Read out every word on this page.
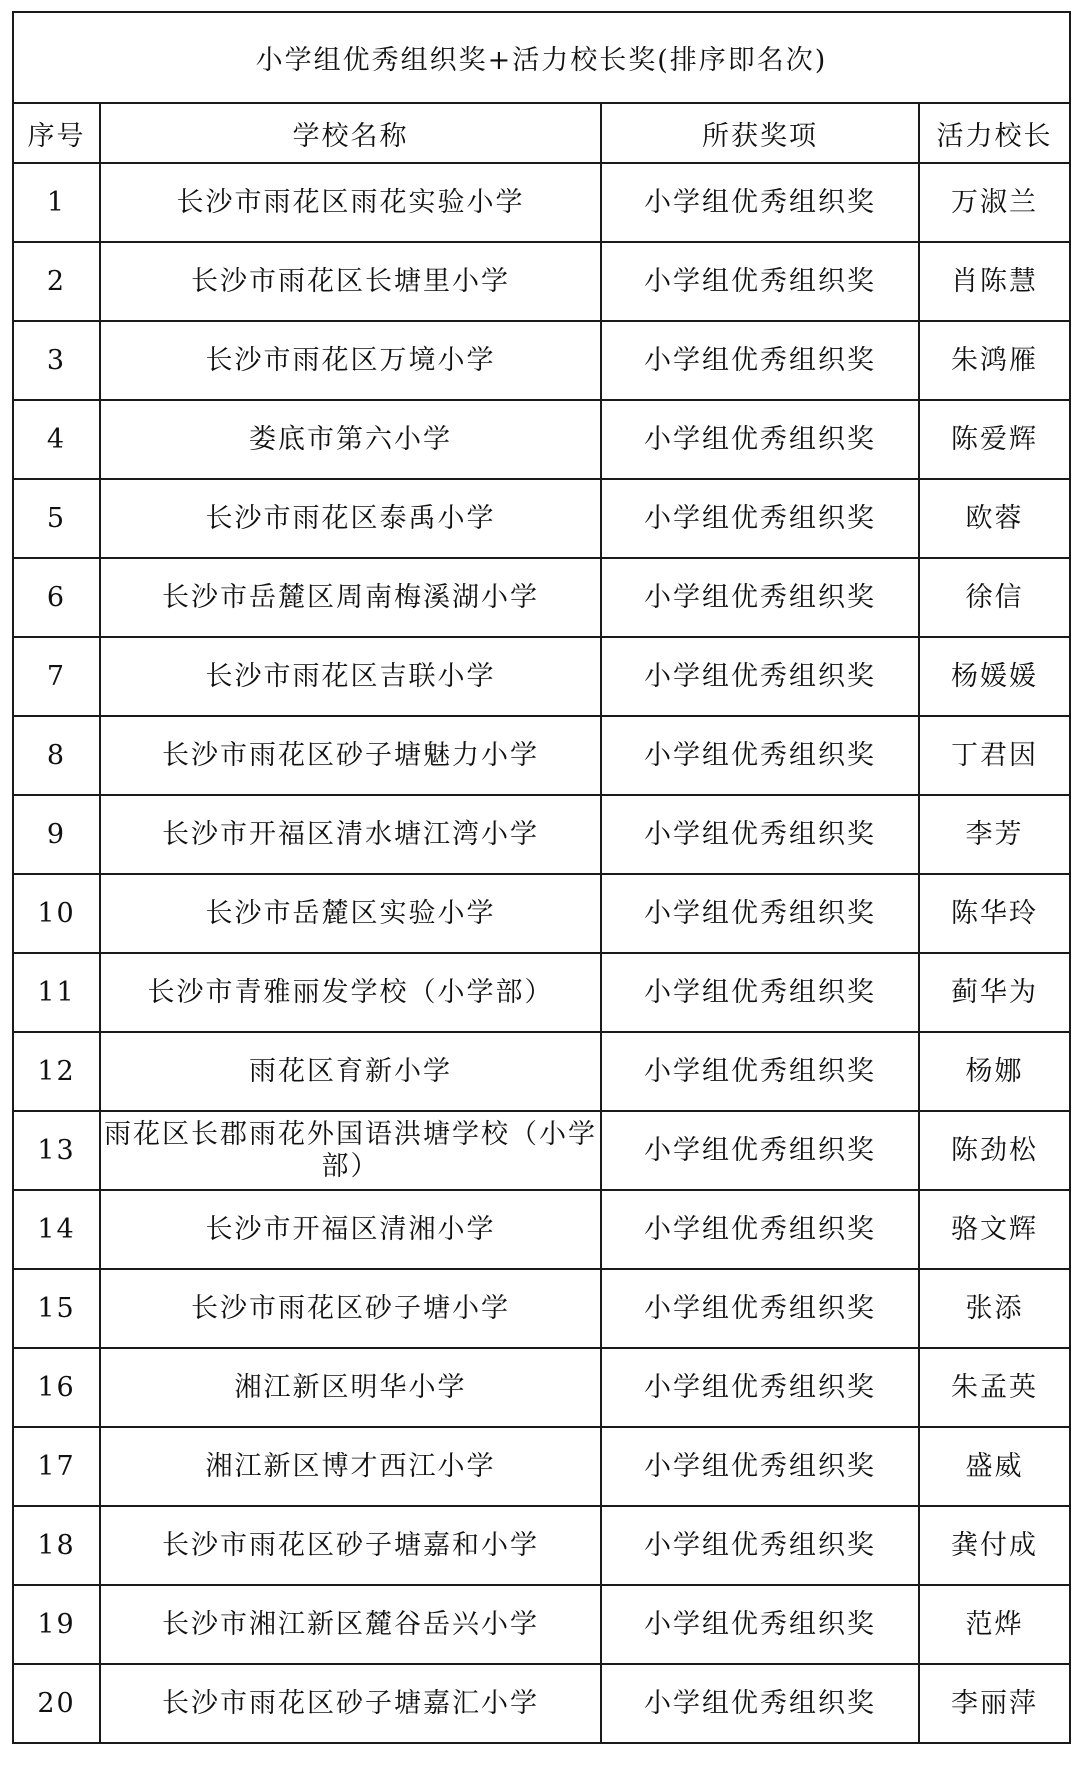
小学组优秀组织奖+活力校长奖(排序即名次)			
序号	学校名称	所获奖项	活力校长
1	长沙市雨花区雨花实验小学	小学组优秀组织奖	万淑兰
2	长沙市雨花区长塘里小学	小学组优秀组织奖	肖陈慧
3	长沙市雨花区万境小学	小学组优秀组织奖	朱鸿雁
4	娄底市第六小学	小学组优秀组织奖	陈爱辉
5	长沙市雨花区泰禹小学	小学组优秀组织奖	欧蓉
6	长沙市岳麓区周南梅溪湖小学	小学组优秀组织奖	徐信
7	长沙市雨花区吉联小学	小学组优秀组织奖	杨媛媛
8	长沙市雨花区砂子塘魅力小学	小学组优秀组织奖	丁君因
9	长沙市开福区清水塘江湾小学	小学组优秀组织奖	李芳
10	长沙市岳麓区实验小学	小学组优秀组织奖	陈华玲
11	长沙市青雅丽发学校（小学部）	小学组优秀组织奖	蓟华为
12	雨花区育新小学	小学组优秀组织奖	杨娜
13	雨花区长郡雨花外国语洪塘学校（小学部）	小学组优秀组织奖	陈劲松
14	长沙市开福区清湘小学	小学组优秀组织奖	骆文辉
15	长沙市雨花区砂子塘小学	小学组优秀组织奖	张添
16	湘江新区明华小学	小学组优秀组织奖	朱孟英
17	湘江新区博才西江小学	小学组优秀组织奖	盛威
18	长沙市雨花区砂子塘嘉和小学	小学组优秀组织奖	龚付成
19	长沙市湘江新区麓谷岳兴小学	小学组优秀组织奖	范烨
20	长沙市雨花区砂子塘嘉汇小学	小学组优秀组织奖	李丽萍
